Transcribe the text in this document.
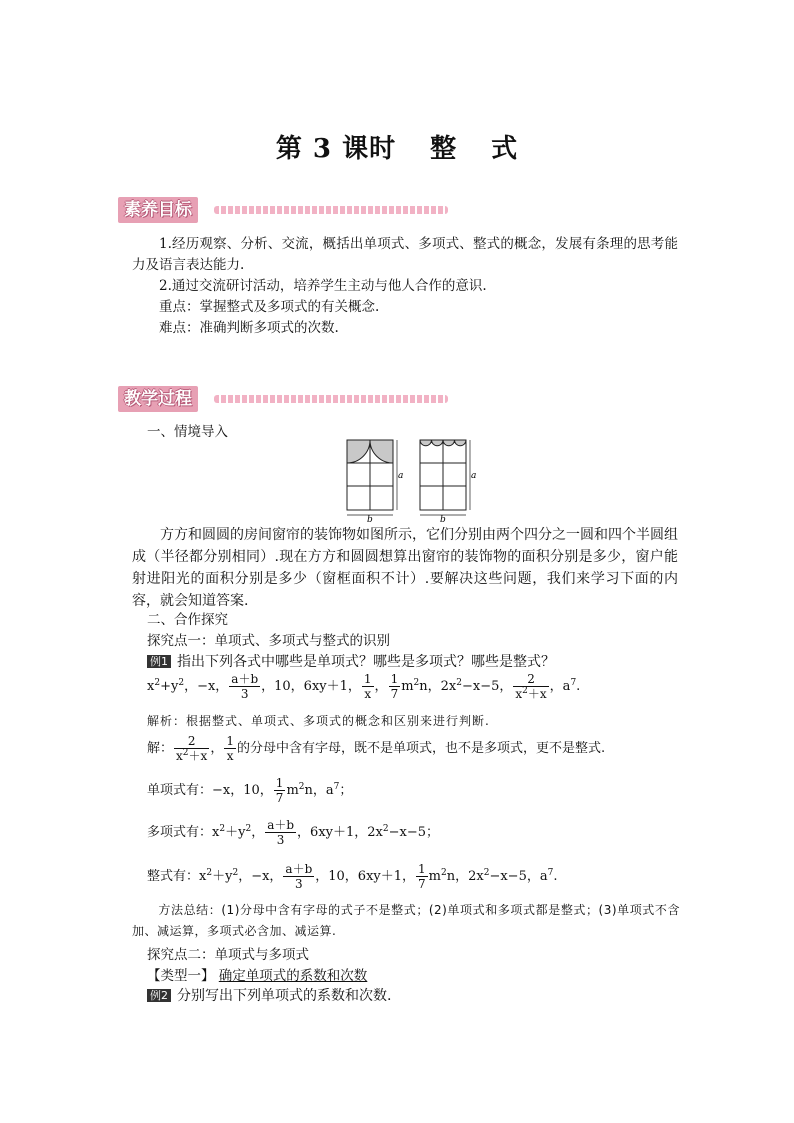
第 3 课时 整 式
素养目标
1.经历观察、分析、交流，概括出单项式、多项式、整式的概念，发展有条理的思考能力及语言表达能力.
2.通过交流研讨活动，培养学生主动与他人合作的意识.
重点：掌握整式及多项式的有关概念.
难点：准确判断多项式的次数.
教学过程
一、情境导入
a
b
a
b
方方和圆圆的房间窗帘的装饰物如图所示，它们分别由两个四分之一圆和四个半圆组成（半径都分别相同）.现在方方和圆圆想算出窗帘的装饰物的面积分别是多少，窗户能射进阳光的面积分别是多少（窗框面积不计）.要解决这些问题，我们来学习下面的内容，就会知道答案.
二、合作探究
探究点一：单项式、多项式与整式的识别
例1 指出下列各式中哪些是单项式？哪些是多项式？哪些是整式？
$x^2+y^2$，−x， $\frac{a+b}{3}$ ，10，6xy＋1， $\frac{1}{x}$ ， $\frac{1}{7} m^2n$，$2x^2-x-5$， $\frac{2}{x^2+x}$ ，$a^7$.
解析：根据整式、单项式、多项式的概念和区别来进行判断.
解： $\frac{2}{x^2+x}$ ， $\frac{1}{x}$ 的分母中含有字母，既不是单项式，也不是多项式，更不是整式.
单项式有：−x，10， $\frac{1}{7} m^2n$，$a^7$；
多项式有：$x^2+y^2$， $\frac{a+b}{3}$ ，6xy＋1，$2x^2-x-5$；
整式有：$x^2+y^2$，−x， $\frac{a+b}{3}$ ，10，6xy＋1， $\frac{1}{7} m^2n$，$2x^2-x-5$，$a^7$.
方法总结：(1)分母中含有字母的式子不是整式；(2)单项式和多项式都是整式；(3)单项式不含加、减运算，多项式必含加、减运算.
探究点二：单项式与多项式
【类型一】 确定单项式的系数和次数
例2 分别写出下列单项式的系数和次数.
